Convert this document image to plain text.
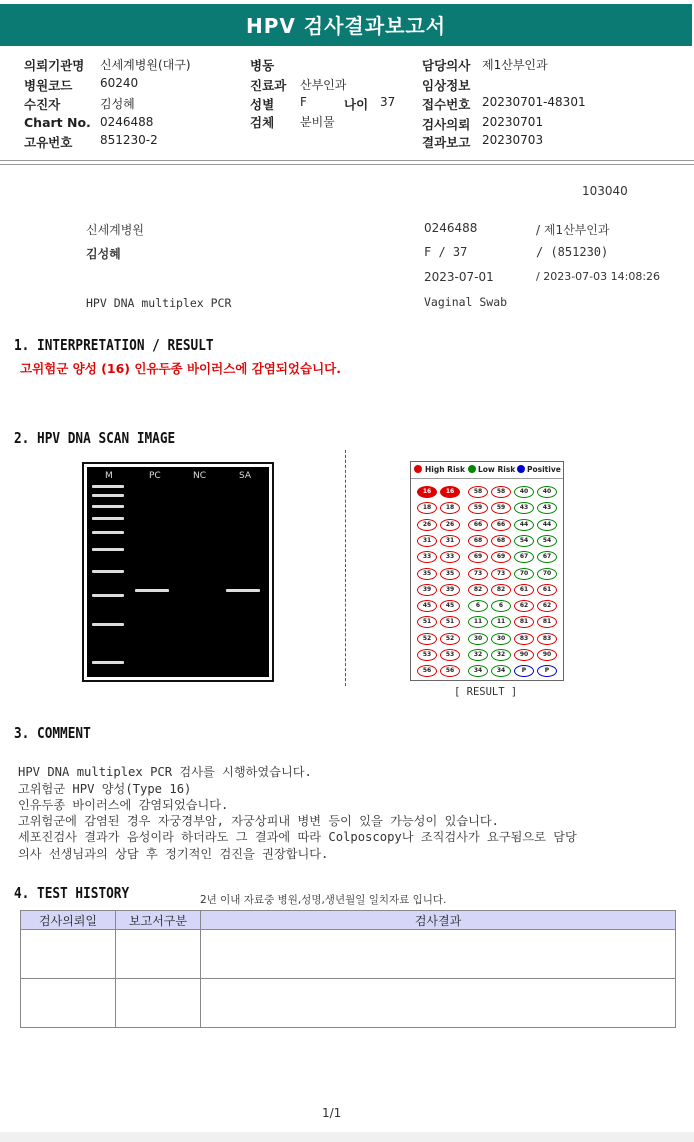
HPV 검사결과보고서
의뢰기관명 신세계병원(대구)
병원코드 60240
수진자	김성혜
Chart No. 0246488
고유번호 851230-2
병동
진료과 산부인과
성별 F	나이 37
검체 분비물
담당의사 제1산부인과
임상정보
접수번호 20230701-48301
검사의뢰 20230701
결과보고 20230703
103040
신세계병원	0246488	/ 제1산부인과
김성혜	F / 37	/ (851230)
2023-07-01	/ 2023-07-03 14:08:26
HPV DNA multiplex PCR	Vaginal Swab
1. INTERPRETATION / RESULT
고위험군 양성 (16) 인유두종 바이러스에 감염되었습니다.
2. HPV DNA SCAN IMAGE
M	PC	NC	SA
High Risk Low Risk Positive
16	16
18	18
26	26
31	31
33	33
35	35
39	39
45	45
51	51
52	52
53	53
56	56
58	58
59	59
66	66
68	68
69	69
73	73
82	82
6	6
11	11
30	30
32	32
34	34
40	40
43	43
44	44
54	54
67	67
70	70
61	61
62	62
81	81
83	83
90	90
P	P
[ RESULT ]
3. COMMENT
HPV DNA multiplex PCR 검사를 시행하였습니다.
고위험군 HPV 양성(Type 16)
인유두종 바이러스에 감염되었습니다.
고위험군에 감염된 경우 자궁경부암, 자궁상피내 병변 등이 있을 가능성이 있습니다.
세포진검사 결과가 음성이라 하더라도 그 결과에 따라 Colposcopy나 조직검사가 요구됨으로 담당
의사 선생님과의 상담 후 정기적인 검진을 권장합니다.
4. TEST HISTORY	2년 이내 자료중 병원,성명,생년월일 일치자료 입니다.
검사의뢰일	보고서구분	검사결과

1/1
